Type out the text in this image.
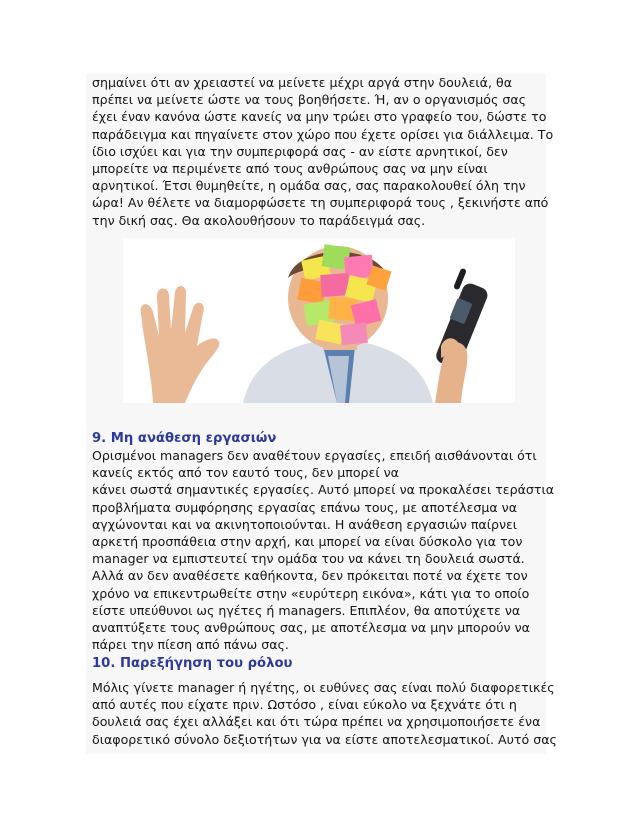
σημαίνει ότι αν χρειαστεί να μείνετε μέχρι αργά στην δουλειά, θα
πρέπει να μείνετε ώστε να τους βοηθήσετε. Ή, αν ο οργανισμός σας
έχει έναν κανόνα ώστε κανείς να μην τρώει στο γραφείο του, δώστε το
παράδειγμα και πηγαίνετε στον χώρο που έχετε ορίσει για διάλλειμα. Το
ίδιο ισχύει και για την συμπεριφορά σας - αν είστε αρνητικοί, δεν
μπορείτε να περιμένετε από τους ανθρώπους σας να μην είναι
αρνητικοί. Έτσι θυμηθείτε, η ομάδα σας, σας παρακολουθεί όλη την
ώρα! Αν θέλετε να διαμορφώσετε τη συμπεριφορά τους , ξεκινήστε από
την δική σας. Θα ακολουθήσουν το παράδειγμά σας.
9. Μη ανάθεση εργασιών
Ορισμένοι managers δεν αναθέτουν εργασίες, επειδή αισθάνονται ότι
κανείς εκτός από τον εαυτό τους, δεν μπορεί να
κάνει σωστά σημαντικές εργασίες. Αυτό μπορεί να προκαλέσει τεράστια
προβλήματα συμφόρησης εργασίας επάνω τους, με αποτέλεσμα να
αγχώνονται και να ακινητοποιούνται. Η ανάθεση εργασιών παίρνει
αρκετή προσπάθεια στην αρχή, και μπορεί να είναι δύσκολο για τον
manager να εμπιστευτεί την ομάδα του να κάνει τη δουλειά σωστά.
Αλλά αν δεν αναθέσετε καθήκοντα, δεν πρόκειται ποτέ να έχετε τον
χρόνο να επικεντρωθείτε στην «ευρύτερη εικόνα», κάτι για το οποίο
είστε υπεύθυνοι ως ηγέτες ή managers. Επιπλέον, θα αποτύχετε να
αναπτύξετε τους ανθρώπους σας, με αποτέλεσμα να μην μπορούν να
πάρει την πίεση από πάνω σας.
10. Παρεξήγηση του ρόλου
Μόλις γίνετε manager ή ηγέτης, οι ευθύνες σας είναι πολύ διαφορετικές
από αυτές που είχατε πριν. Ωστόσο , είναι εύκολο να ξεχνάτε ότι η
δουλειά σας έχει αλλάξει και ότι τώρα πρέπει να χρησιμοποιήσετε ένα
διαφορετικό σύνολο δεξιοτήτων για να είστε αποτελεσματικοί. Αυτό σας
